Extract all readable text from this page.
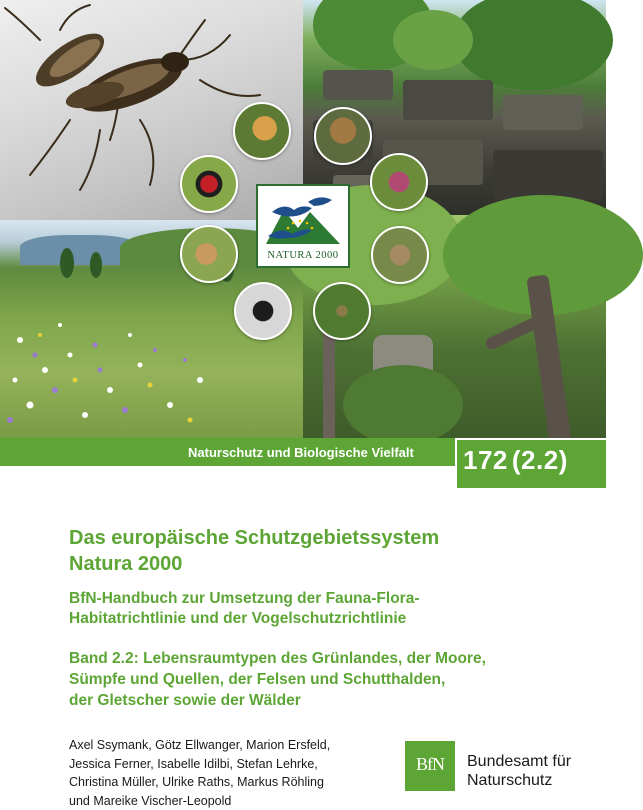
NATURA 2000
Naturschutz und Biologische Vielfalt 172 (2.2)
Das europäische Schutzgebietssystem
Natura 2000
BfN-Handbuch zur Umsetzung der Fauna-Flora-
Habitatrichtlinie und der Vogelschutzrichtlinie
Band 2.2: Lebensraumtypen des Grünlandes, der Moore,
Sümpfe und Quellen, der Felsen und Schutthalden,
der Gletscher sowie der Wälder
Axel Ssymank, Götz Ellwanger, Marion Ersfeld,
Jessica Ferner, Isabelle Idilbi, Stefan Lehrke,
Christina Müller, Ulrike Raths, Markus Röhling
und Mareike Vischer-Leopold
BfN	Bundesamt für
Naturschutz
